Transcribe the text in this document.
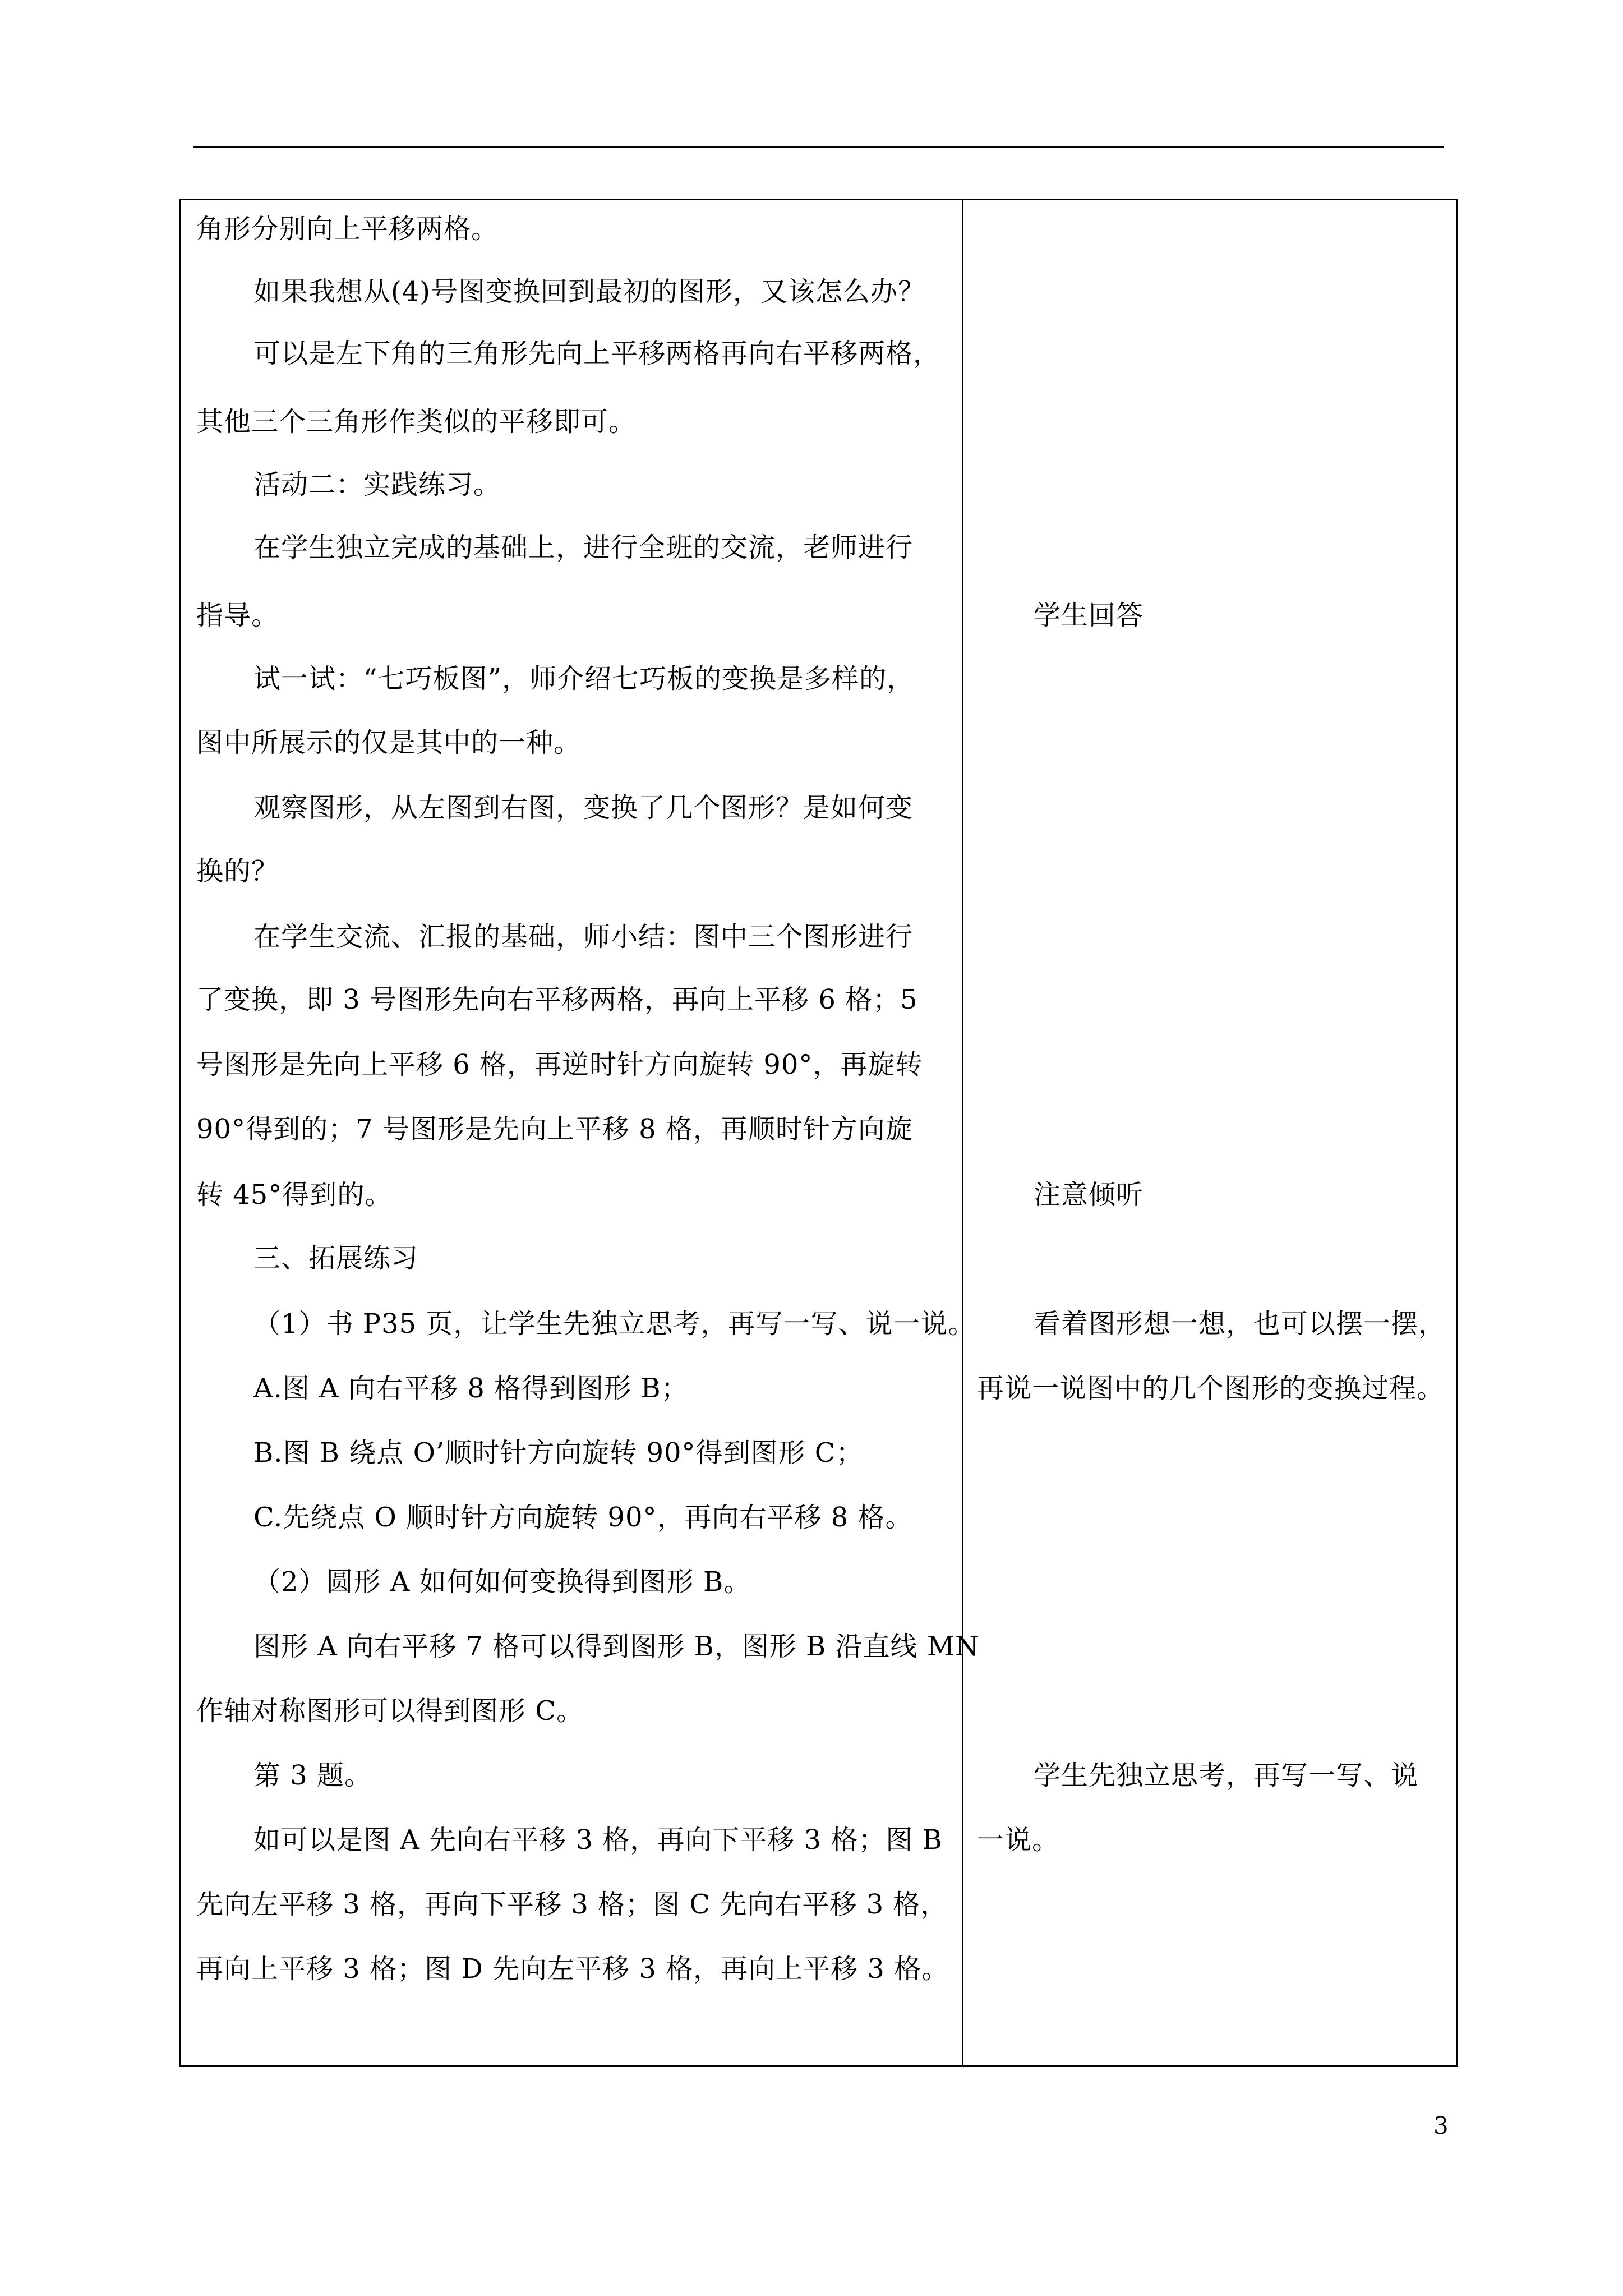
角形分别向上平移两格。
如果我想从(4)号图变换回到最初的图形，又该怎么办？
可以是左下角的三角形先向上平移两格再向右平移两格，
其他三个三角形作类似的平移即可。
活动二：实践练习。
在学生独立完成的基础上，进行全班的交流，老师进行
指导。
试一试：“七巧板图”，师介绍七巧板的变换是多样的，
图中所展示的仅是其中的一种。
观察图形，从左图到右图，变换了几个图形？是如何变
换的？
在学生交流、汇报的基础，师小结：图中三个图形进行
了变换，即 3 号图形先向右平移两格，再向上平移 6 格；5
号图形是先向上平移 6 格，再逆时针方向旋转 90°，再旋转
90°得到的；7 号图形是先向上平移 8 格，再顺时针方向旋
转 45°得到的。
三、拓展练习
（1）书 P35 页，让学生先独立思考，再写一写、说一说。
A.图 A 向右平移 8 格得到图形 B；
B.图 B 绕点 O’顺时针方向旋转 90°得到图形 C；
C.先绕点 O 顺时针方向旋转 90°，再向右平移 8 格。
（2）圆形 A 如何如何变换得到图形 B。
图形 A 向右平移 7 格可以得到图形 B，图形 B 沿直线 MN
作轴对称图形可以得到图形 C。
第 3 题。
如可以是图 A 先向右平移 3 格，再向下平移 3 格；图 B
先向左平移 3 格，再向下平移 3 格；图 C 先向右平移 3 格，
再向上平移 3 格；图 D 先向左平移 3 格，再向上平移 3 格。
学生回答
注意倾听
看着图形想一想，也可以摆一摆，
再说一说图中的几个图形的变换过程。
学生先独立思考，再写一写、说
一说。
3
